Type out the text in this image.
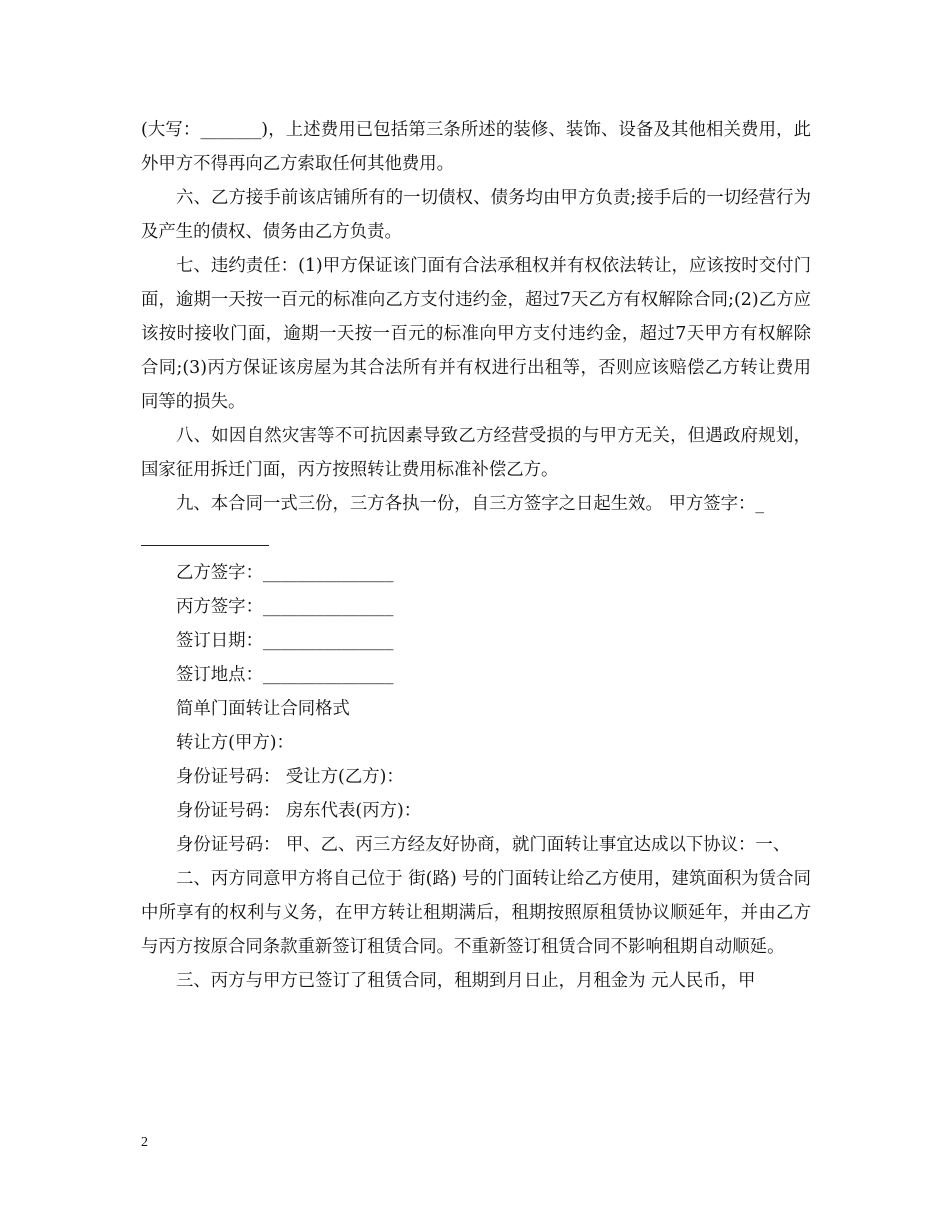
(大写：_______)，上述费用已包括第三条所述的装修、装饰、设备及其他相关费用，此外甲方不得再向乙方索取任何其他费用。

六、乙方接手前该店铺所有的一切债权、债务均由甲方负责;接手后的一切经营行为及产生的债权、债务由乙方负责。

七、违约责任：(1)甲方保证该门面有合法承租权并有权依法转让，应该按时交付门面，逾期一天按一百元的标准向乙方支付违约金，超过7天乙方有权解除合同;(2)乙方应该按时接收门面，逾期一天按一百元的标准向甲方支付违约金，超过7天甲方有权解除合同;(3)丙方保证该房屋为其合法所有并有权进行出租等，否则应该赔偿乙方转让费用同等的损失。

八、如因自然灾害等不可抗因素导致乙方经营受损的与甲方无关，但遇政府规划，国家征用拆迁门面，丙方按照转让费用标准补偿乙方。

九、本合同一式三份，三方各执一份，自三方签字之日起生效。 甲方签字：_

乙方签字：_______________

丙方签字：_______________

签订日期：_______________

签订地点：_______________

简单门面转让合同格式

转让方(甲方)：

身份证号码： 受让方(乙方)：

身份证号码： 房东代表(丙方)：

身份证号码： 甲、乙、丙三方经友好协商，就门面转让事宜达成以下协议：一、

二、丙方同意甲方将自己位于 街(路) 号的门面转让给乙方使用，建筑面积为赁合同中所享有的权利与义务，在甲方转让租期满后，租期按照原租赁协议顺延年，并由乙方与丙方按原合同条款重新签订租赁合同。不重新签订租赁合同不影响租期自动顺延。

三、丙方与甲方已签订了租赁合同，租期到月日止，月租金为 元人民币，甲

2
